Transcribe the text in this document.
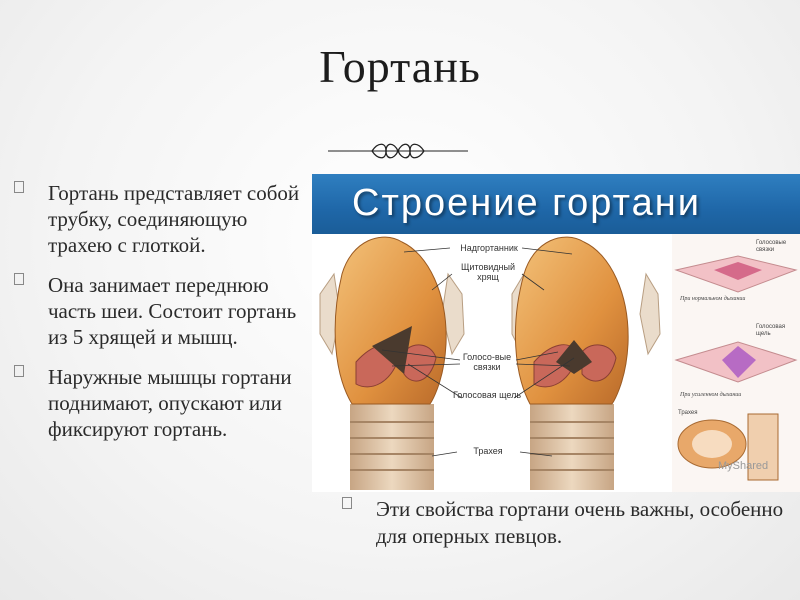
Гортань
Гортань представляет собой трубку, соединяющую трахею с глоткой.
Она занимает переднюю часть шеи. Состоит гортань из 5 хрящей и мышц.
Наружные мышцы гортани поднимают, опускают или фиксируют гортань.
Строение гортани
Надгортанник
Щитовидный хрящ
Голосо-вые связки
Голосовая щель
Трахея
Голосовые связки
При нормальном дыхании
Голосовая щель
При усиленном дыхании
Трахея
MyShared
Эти свойства гортани очень важны, особенно для оперных певцов.
